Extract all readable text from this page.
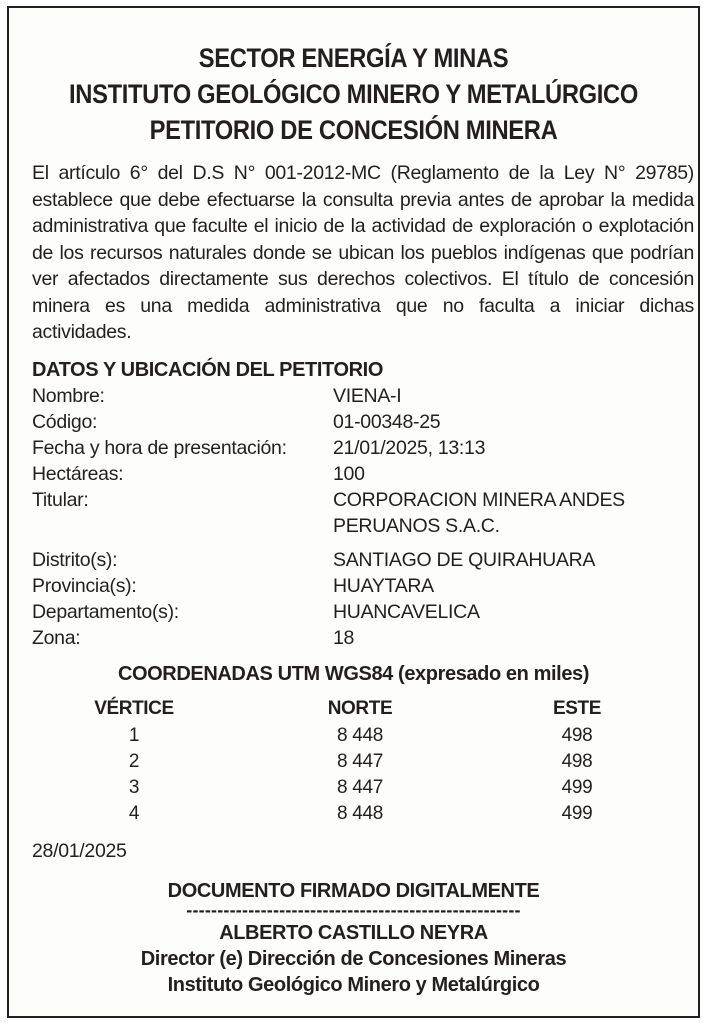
SECTOR ENERGÍA Y MINAS
INSTITUTO GEOLÓGICO MINERO Y METALÚRGICO
PETITORIO DE CONCESIÓN MINERA
El artículo 6° del D.S N° 001-2012-MC (Reglamento de la Ley N° 29785) establece que debe efectuarse la consulta previa antes de aprobar la medida administrativa que faculte el inicio de la actividad de exploración o explotación de los recursos naturales donde se ubican los pueblos indígenas que podrían ver afectados directamente sus derechos colectivos. El título de concesión minera es una medida administrativa que no faculta a iniciar dichas actividades.
DATOS Y UBICACIÓN DEL PETITORIO
Nombre:	VIENA-I
Código:	01-00348-25
Fecha y hora de presentación: 21/01/2025, 13:13
Hectáreas:	100
Titular:	CORPORACION MINERA ANDES
PERUANOS S.A.C.
Distrito(s):	SANTIAGO DE QUIRAHUARA
Provincia(s):	HUAYTARA
Departamento(s):	HUANCAVELICA
Zona:	18
COORDENADAS UTM WGS84 (expresado en miles)
VÉRTICE	NORTE	ESTE
1	8 448	498
2	8 447	498
3	8 447	499
4	8 448	499
28/01/2025
DOCUMENTO FIRMADO DIGITALMENTE
------------------------------------------------------
ALBERTO CASTILLO NEYRA
Director (e) Dirección de Concesiones Mineras
Instituto Geológico Minero y Metalúrgico
